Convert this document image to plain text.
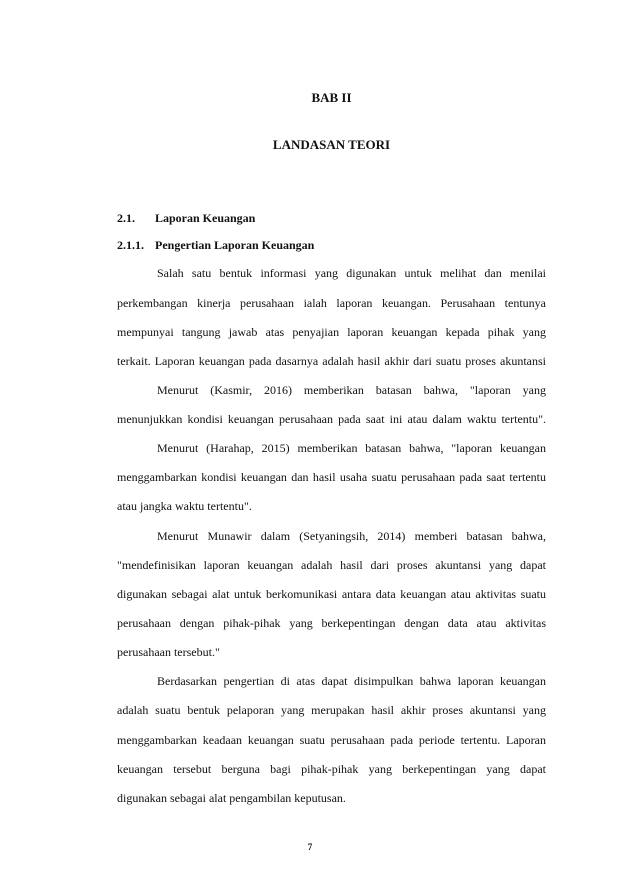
BAB II
LANDASAN TEORI
2.1. Laporan Keuangan
2.1.1. Pengertian Laporan Keuangan
Salah satu bentuk informasi yang digunakan untuk melihat dan menilai
perkembangan kinerja perusahaan ialah laporan keuangan. Perusahaan tentunya
mempunyai tangung jawab atas penyajian laporan keuangan kepada pihak yang
terkait. Laporan keuangan pada dasarnya adalah hasil akhir dari suatu proses akuntansi
Menurut (Kasmir, 2016) memberikan batasan bahwa, "laporan yang
menunjukkan kondisi keuangan perusahaan pada saat ini atau dalam waktu tertentu".
Menurut (Harahap, 2015) memberikan batasan bahwa, "laporan keuangan
menggambarkan kondisi keuangan dan hasil usaha suatu perusahaan pada saat tertentu
atau jangka waktu tertentu".
Menurut Munawir dalam (Setyaningsih, 2014) memberi batasan bahwa,
"mendefinisikan laporan keuangan adalah hasil dari proses akuntansi yang dapat
digunakan sebagai alat untuk berkomunikasi antara data keuangan atau aktivitas suatu
perusahaan dengan pihak-pihak yang berkepentingan dengan data atau aktivitas
perusahaan tersebut."
Berdasarkan pengertian di atas dapat disimpulkan bahwa laporan keuangan
adalah suatu bentuk pelaporan yang merupakan hasil akhir proses akuntansi yang
menggambarkan keadaan keuangan suatu perusahaan pada periode tertentu. Laporan
keuangan tersebut berguna bagi pihak-pihak yang berkepentingan yang dapat
digunakan sebagai alat pengambilan keputusan.
7
